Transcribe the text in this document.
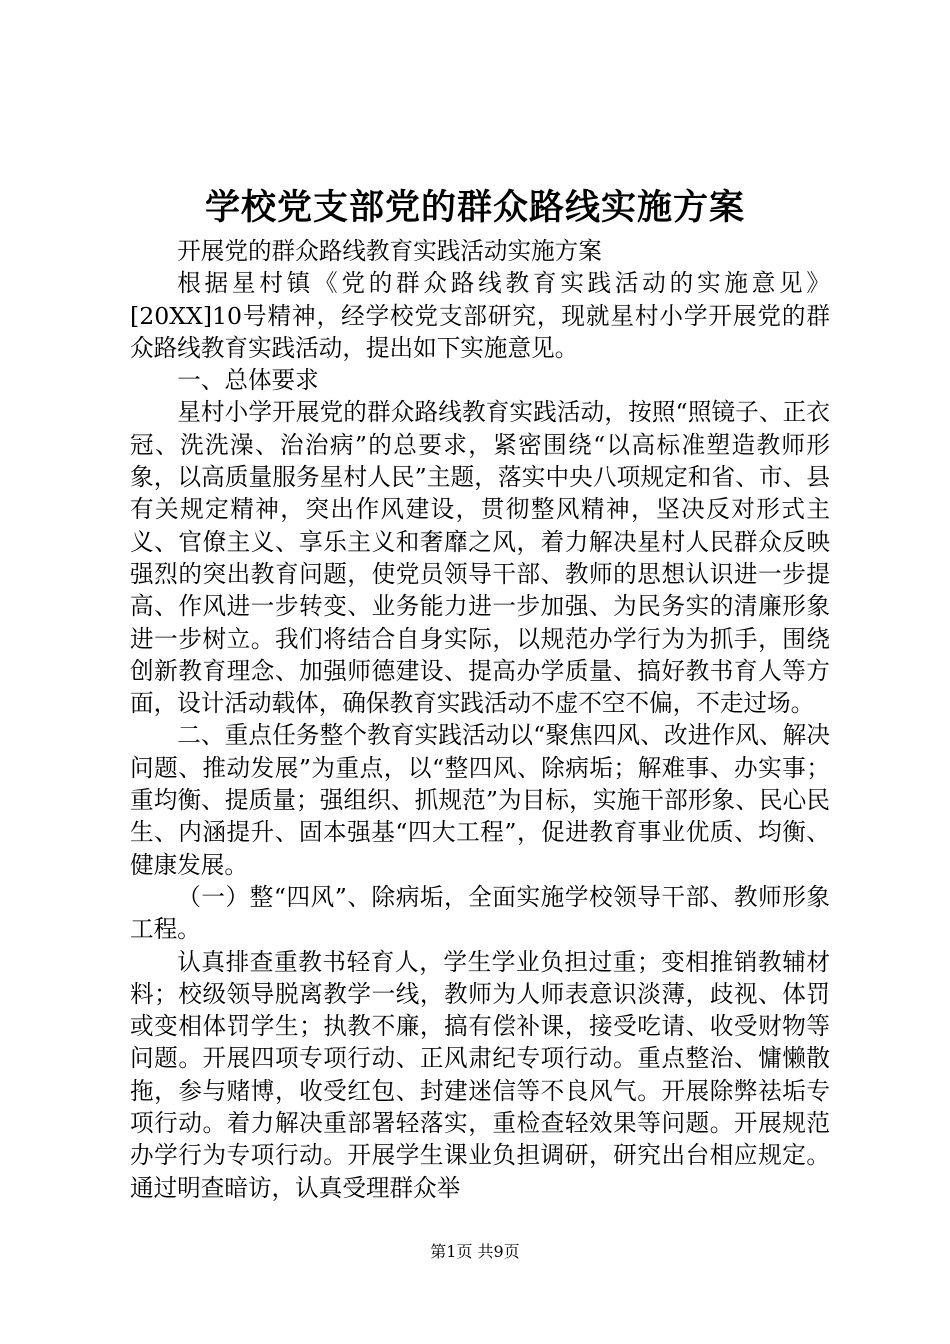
学校党支部党的群众路线实施方案

开展党的群众路线教育实践活动实施方案

根据星村镇《党的群众路线教育实践活动的实施意见》[20XX]10号精神，经学校党支部研究，现就星村小学开展党的群众路线教育实践活动，提出如下实施意见。

一、总体要求

星村小学开展党的群众路线教育实践活动，按照“照镜子、正衣冠、洗洗澡、治治病”的总要求，紧密围绕“以高标准塑造教师形象，以高质量服务星村人民”主题，落实中央八项规定和省、市、县有关规定精神，突出作风建设，贯彻整风精神，坚决反对形式主义、官僚主义、享乐主义和奢靡之风，着力解决星村人民群众反映强烈的突出教育问题，使党员领导干部、教师的思想认识进一步提高、作风进一步转变、业务能力进一步加强、为民务实的清廉形象进一步树立。我们将结合自身实际，以规范办学行为为抓手，围绕创新教育理念、加强师德建设、提高办学质量、搞好教书育人等方面，设计活动载体，确保教育实践活动不虚不空不偏，不走过场。

二、重点任务整个教育实践活动以“聚焦四风、改进作风、解决问题、推动发展”为重点，以“整四风、除病垢；解难事、办实事；重均衡、提质量；强组织、抓规范”为目标，实施干部形象、民心民生、内涵提升、固本强基“四大工程”，促进教育事业优质、均衡、健康发展。

（一）整“四风”、除病垢，全面实施学校领导干部、教师形象工程。

认真排查重教书轻育人，学生学业负担过重；变相推销教辅材料；校级领导脱离教学一线，教师为人师表意识淡薄，歧视、体罚或变相体罚学生；执教不廉，搞有偿补课，接受吃请、收受财物等问题。开展四项专项行动、正风肃纪专项行动。重点整治、慵懒散拖，参与赌博，收受红包、封建迷信等不良风气。开展除弊祛垢专项行动。着力解决重部署轻落实，重检查轻效果等问题。开展规范办学行为专项行动。开展学生课业负担调研，研究出台相应规定。通过明查暗访，认真受理群众举

第1页 共9页
